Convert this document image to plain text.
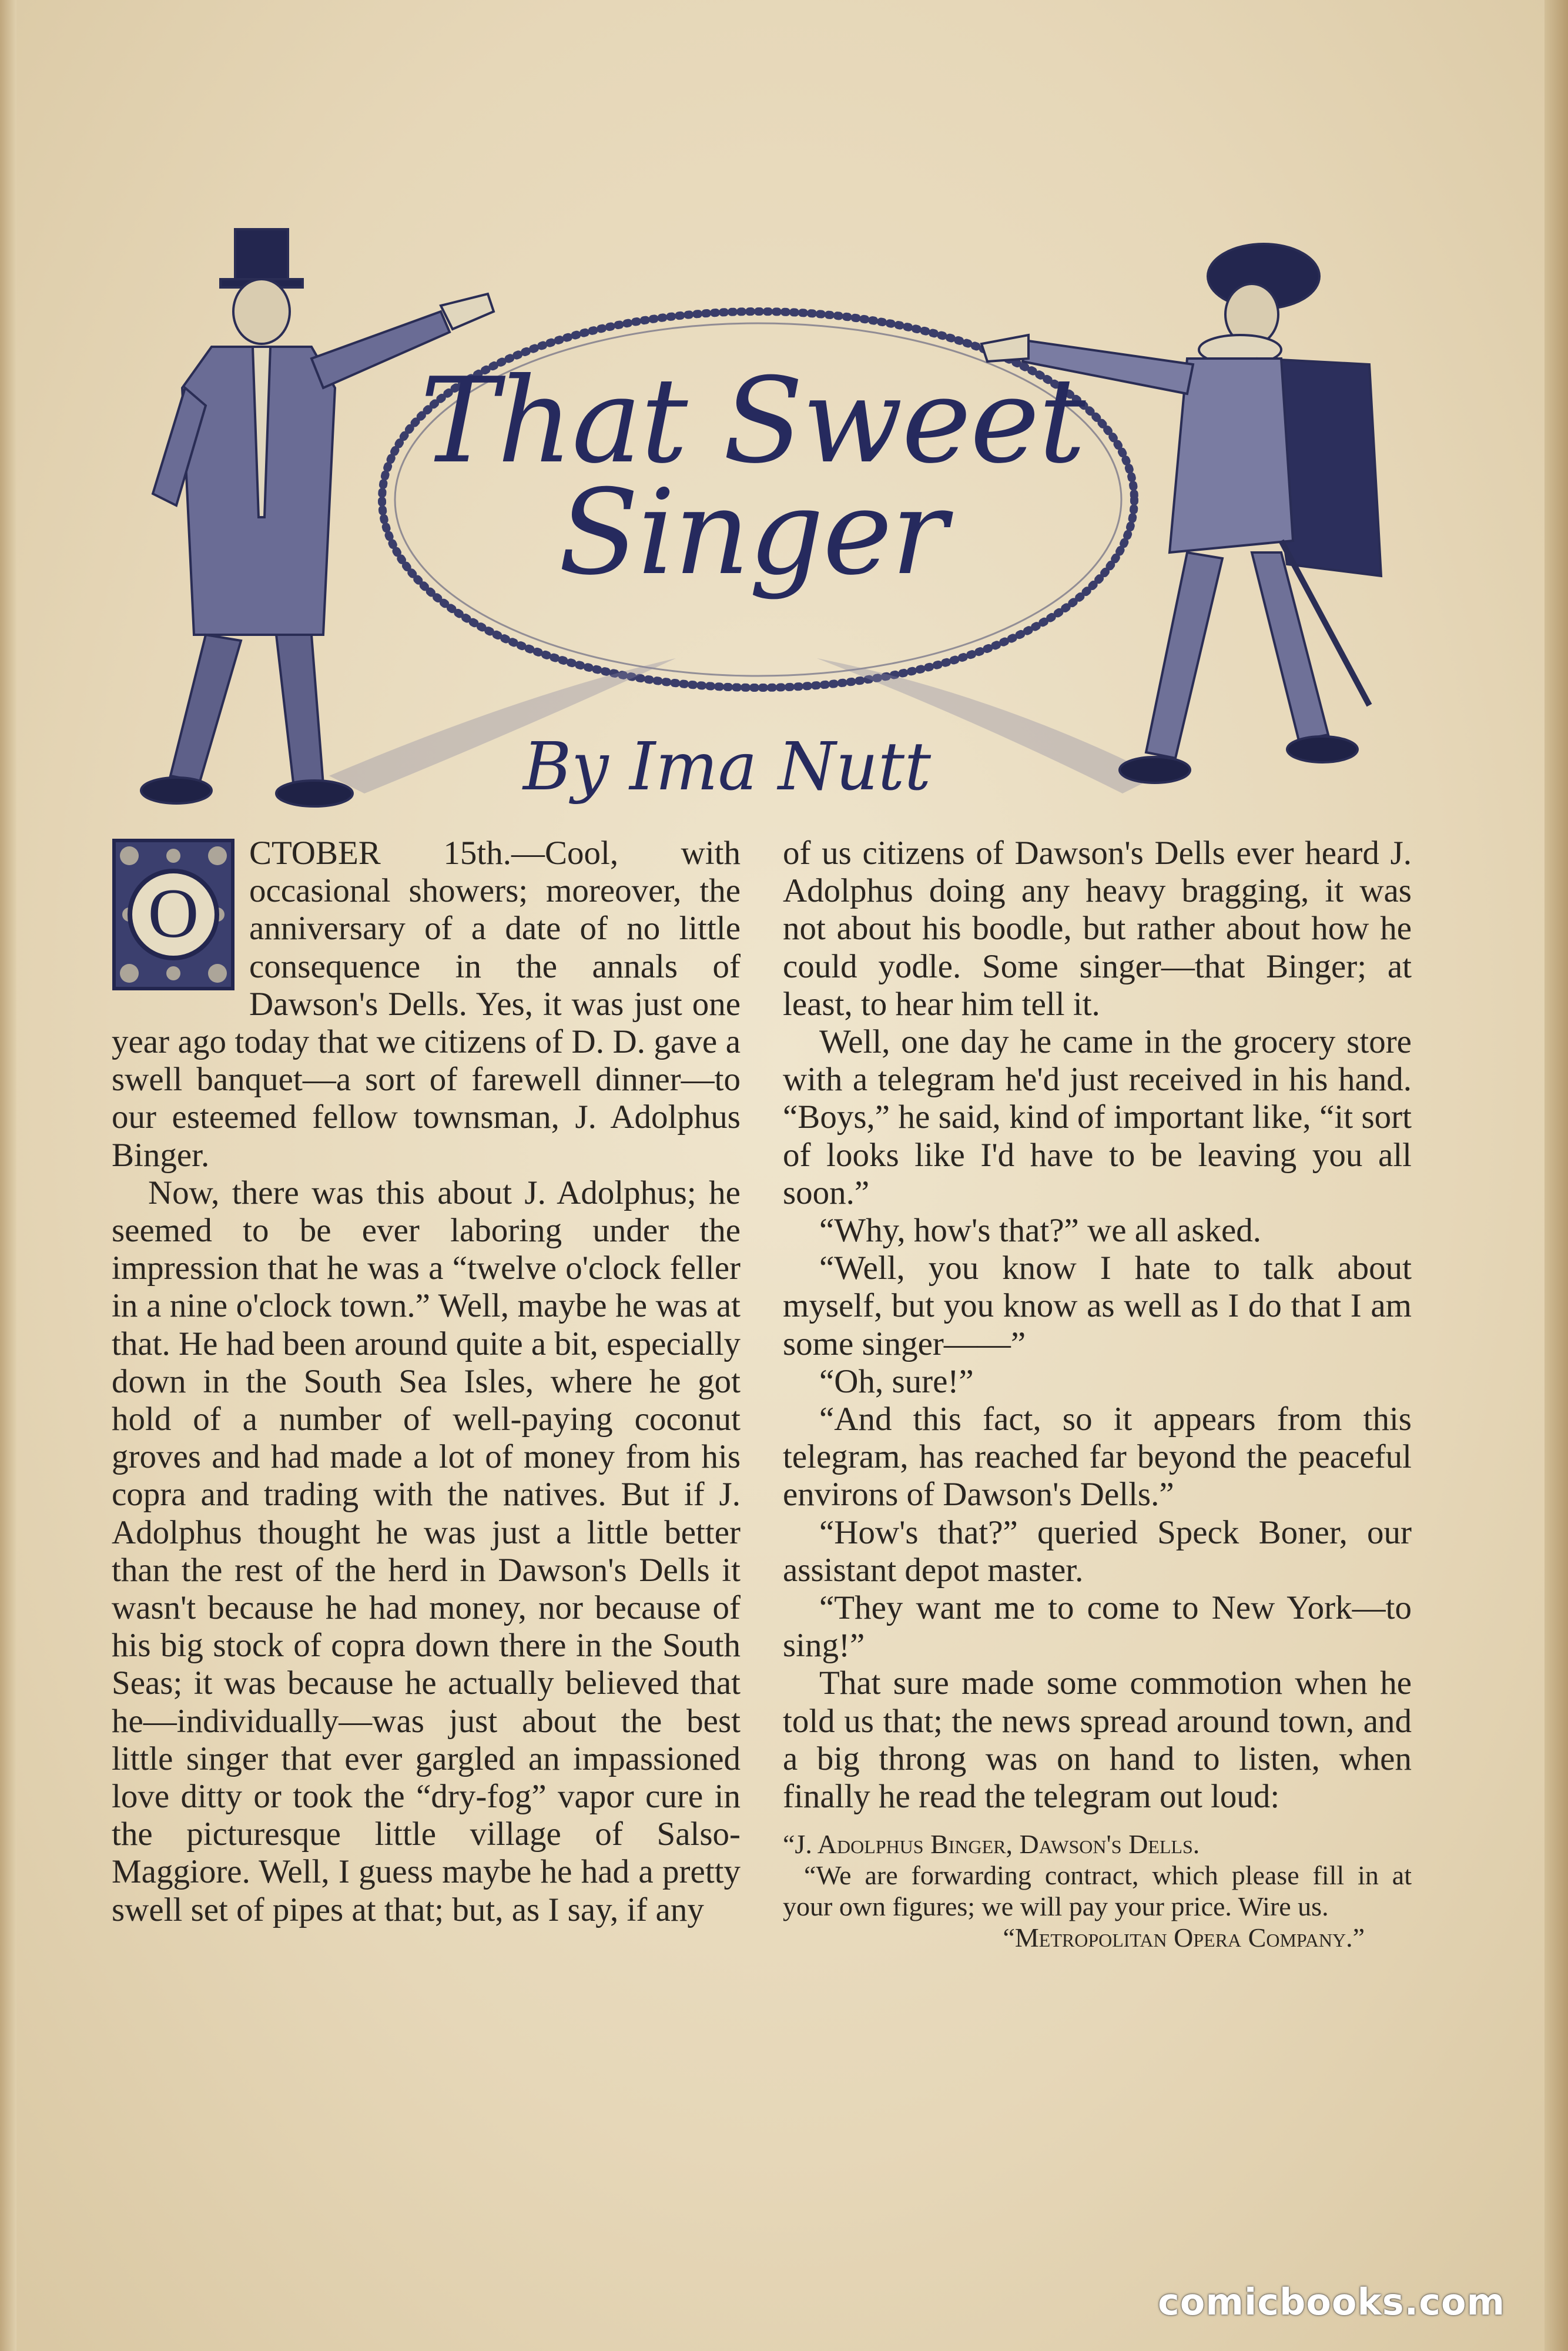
That Sweet
Singer
By Ima Nutt

O
CTOBER 15th.—Cool, with occasional showers; moreover, the anniversary of a date of no little consequence in the annals of Dawson's Dells. Yes, it was just one year ago today that we citizens of D. D. gave a swell banquet—a sort of farewell dinner—to our esteemed fellow townsman, J. Adolphus Binger.

Now, there was this about J. Adolphus; he seemed to be ever laboring under the impression that he was a “twelve o'clock feller in a nine o'clock town.” Well, maybe he was at that. He had been around quite a bit, especially down in the South Sea Isles, where he got hold of a number of well-paying coconut groves and had made a lot of money from his copra and trading with the natives. But if J. Adolphus thought he was just a little better than the rest of the herd in Dawson's Dells it wasn't because he had money, nor because of his big stock of copra down there in the South Seas; it was because he actually believed that he—individually—was just about the best little singer that ever gargled an impassioned love ditty or took the “dry-fog” vapor cure in the picturesque little village of Salso-Maggiore. Well, I guess maybe he had a pretty swell set of pipes at that; but, as I say, if any

of us citizens of Dawson's Dells ever heard J. Adolphus doing any heavy bragging, it was not about his boodle, but rather about how he could yodle. Some singer—that Binger; at least, to hear him tell it.

Well, one day he came in the grocery store with a telegram he'd just received in his hand. “Boys,” he said, kind of important like, “it sort of looks like I'd have to be leaving you all soon.”

“Why, how's that?” we all asked.

“Well, you know I hate to talk about myself, but you know as well as I do that I am some singer——”

“Oh, sure!”

“And this fact, so it appears from this telegram, has reached far beyond the peaceful environs of Dawson's Dells.”

“How's that?” queried Speck Boner, our assistant depot master.

“They want me to come to New York—to sing!”

That sure made some commotion when he told us that; the news spread around town, and a big throng was on hand to listen, when finally he read the telegram out loud:

“J. Adolphus Binger, Dawson's Dells.

“We are forwarding contract, which please fill in at your own figures; we will pay your price. Wire us.

“Metropolitan Opera Company.”

comicbooks.com
